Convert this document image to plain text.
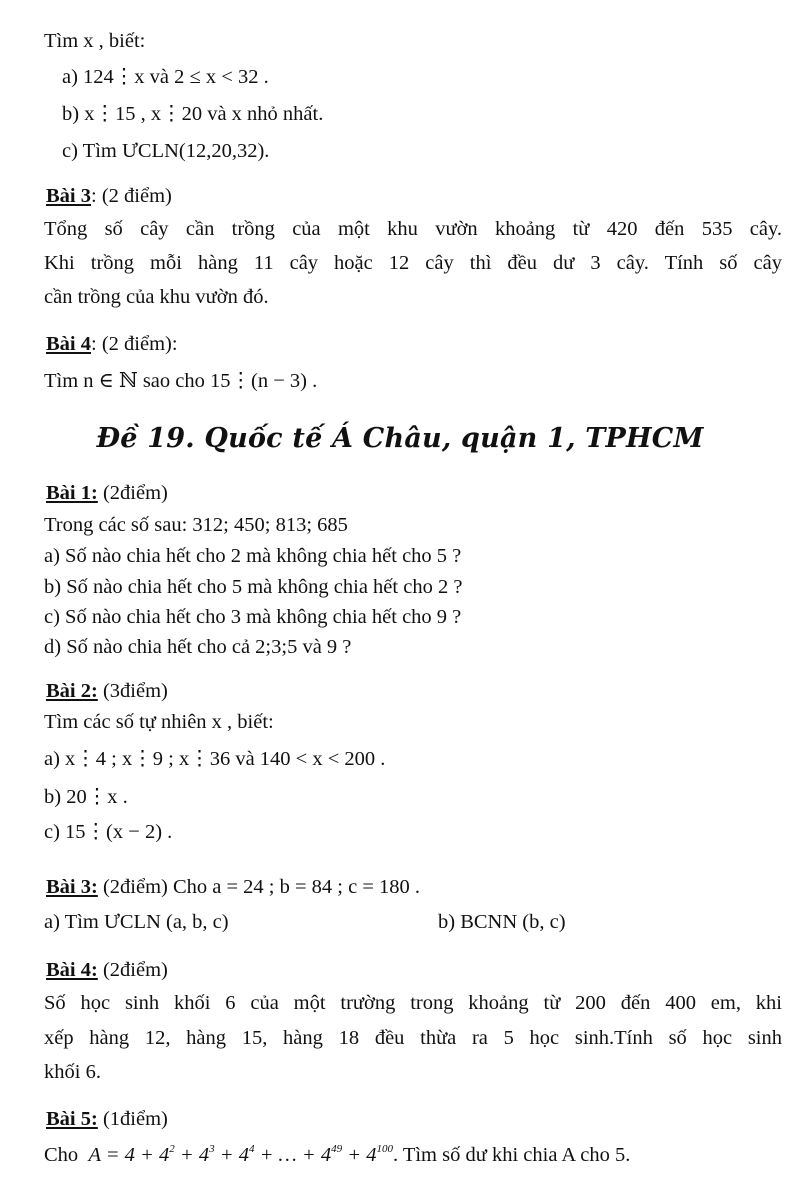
Tìm x , biết:
a) 124⋮x và 2 ≤ x < 32 .
b) x⋮15 , x⋮20 và x nhỏ nhất.
c) Tìm ƯCLN(12,20,32).
Bài 3: (2 điểm)
Tổng số cây cần trồng của một khu vườn khoảng từ 420 đến 535 cây.
Khi trồng mỗi hàng 11 cây hoặc 12 cây thì đều dư 3 cây. Tính số cây
cần trồng của khu vườn đó.
Bài 4: (2 điểm):
Tìm n ∈ ℕ sao cho 15⋮(n − 3) .
Đề 19. Quốc tế Á Châu, quận 1, TPHCM
Bài 1: (2điểm)
Trong các số sau: 312; 450; 813; 685
a) Số nào chia hết cho 2 mà không chia hết cho 5 ?
b) Số nào chia hết cho 5 mà không chia hết cho 2 ?
c) Số nào chia hết cho 3 mà không chia hết cho 9 ?
d) Số nào chia hết cho cả 2;3;5 và 9 ?
Bài 2: (3điểm)
Tìm các số tự nhiên x , biết:
a) x⋮4 ; x⋮9 ; x⋮36 và 140 < x < 200 .
b) 20⋮x .
c) 15⋮(x − 2) .
Bài 3: (2điểm) Cho a = 24 ; b = 84 ; c = 180 .
a) Tìm ƯCLN (a, b, c)	b) BCNN (b, c)
Bài 4: (2điểm)
Số học sinh khối 6 của một trường trong khoảng từ 200 đến 400 em, khi
xếp hàng 12, hàng 15, hàng 18 đều thừa ra 5 học sinh.Tính số học sinh
khối 6.
Bài 5: (1điểm)
Cho $A = 4 + 4^2 + 4^3 + 4^4$ + … + $4^{49} + 4^{100}$. Tìm số dư khi chia A cho 5.
